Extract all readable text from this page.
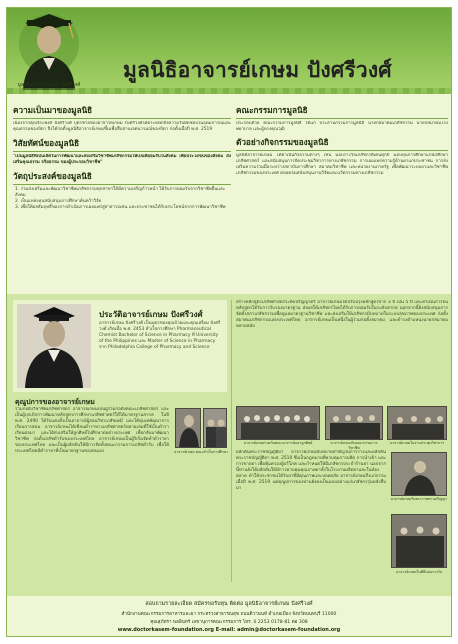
มูลนิธิอาจารย์เกษม ปังศรีวงศ์
มูลนิธิอาจารย์เกษม ปังศรีวงศ์
ความเป็นมาของมูลนิธิ
เนื่องจากคุณจิระพงศ์ ปังศรีวงศ์ บุตรชายของอาจารย์เกษม ปังศรีวงศ์ได้ตระหนักถึงความรับผิดชอบในอุดมการณ์และคุณธรรมของบิดา จึงได้ก่อตั้งมูลนิธิอาจารย์เกษมขึ้นเพื่อสืบสานเจตนารมณ์ของบิดา ก่อตั้งเมื่อปี พ.ศ. 2519
วิสัยทัศน์ของมูลนิธิ
"เป็นมูลนิธิที่เป็นเลิศในการพัฒนาและส่งเสริมวิชาชีพเภสัชกรรมให้เป็นที่ยอมรับในสังคม เพื่อประโยชน์ของสังคม ส่งเสริมคุณธรรม จริยธรรม ของผู้ประกอบวิชาชีพ"
วัตถุประสงค์ของมูลนิธิ
1. ร่วมส่งเสริมและพัฒนาวิชาชีพเภสัชกรรมทุกสาขาให้มีความเจริญก้าวหน้า ได้รับการยอมรับจากวิชาชีพอื่นและสังคม
2. เป็นแหล่งทุนสนับสนุนการศึกษาค้นคว้าวิจัย
3. เพื่อให้ผลสัมฤทธิ์ของการดำเนินการเผยแพร่สู่สาธารณชน และประชาชนได้รับประโยชน์จากการพัฒนาวิชาชีพ
คณะกรรมการมูลนิธิ
ประกอบด้วย คณะกรรมการมูลนิธิ ได้แก่ ประธานกรรมการมูลนิธิ นายกสมาคมเภสัชกรรม นายกสมาคมโรงพยาบาล และผู้ทรงคุณวุฒิ
ตัวอย่างกิจกรรมของมูลนิธิ
มูลนิธิอาจารย์เกษม ได้ดำเนินกิจกรรมต่างๆ เช่น มอบรางวัลเภสัชกรดีเด่นทุกปี มอบทุนการศึกษาแก่นักศึกษาเภสัชศาสตร์ และสนับสนุนการจัดประชุมวิชาการทางเภสัชกรรม การเผยแพร่ความรู้ด้านยาแก่ประชาชน การส่งเสริมความร่วมมือระหว่างสถาบันการศึกษา สมาคมวิชาชีพ และหน่วยงานภาครัฐ เพื่อพัฒนาระบบยาและวิชาชีพเภสัชกรรมของประเทศ ตลอดจนสนับสนุนงานวิจัยและนวัตกรรมทางเภสัชกรรม
ประวัติอาจารย์เกษม ปังศรีวงศ์
อาจารย์เกษม ปังศรีวงศ์ เป็นบุตรของคุณบ้วยและคุณเสงี่ยม ปังศรีวงศ์ เกิดเมื่อ พ.ศ. 2453 สำเร็จการศึกษา Pharmaceutical Chemist Bachelor of Science in Pharmacy ที่ University of the Philippines และ Master of Science in Pharmacy จาก Philadelphia College of Pharmacy and Science
คุณูปการของอาจารย์เกษม
ร่วมก่อตั้งวิชาชีพเภสัชศาสตร์ อาจารย์เกษมเป็นผู้ร่วมก่อตั้งคณะเภสัชศาสตร์ และเป็นผู้บุกเบิกการพัฒนาหลักสูตรการศึกษาเภสัชศาสตร์ให้ได้มาตรฐานสากล ในปี พ.ศ. 2490 ได้รับแต่งตั้งเป็นอาจารย์ผู้สอนวิชาเภสัชเคมี และได้ทุ่มเทพัฒนาการเรียนการสอน อาจารย์เกษมได้เขียนตำราทางเภสัชศาสตร์หลายเล่มที่ใช้เป็นตำราเรียนต่อมา และได้ส่งเสริมให้ลูกศิษย์ไปศึกษาต่อต่างประเทศ เพื่อกลับมาพัฒนาวิชาชีพ ก่อตั้งเภสัชตำรับของประเทศไทย อาจารย์เกษมเป็นผู้ริเริ่มจัดทำตำรายาของประเทศไทย และเป็นผู้ผลักดันให้มีการจัดตั้งคณะกรรมการเภสัชตำรับ เพื่อให้ประเทศไทยมีตำรายาที่เป็นมาตรฐานของตนเอง	อาจารย์เกษม ขณะสำเร็จการศึกษา
อาจารย์เกษมร่วมกับคณะอาจารย์และลูกศิษย์	อาจารย์เกษมกับคณะกรรมการวิชาชีพ
อาจารย์เกษมในงานประชุมวิชาการ
สร้างหลักสูตรเภสัชศาสตร์ระดับปริญญาตรี อาจารย์เกษมได้ปรับปรุงหลักสูตรจาก 3 ปี เป็น 5 ปี และดำเนินการจนหลักสูตรได้รับการรับรองมาตรฐาน ส่งผลให้เภสัชกรไทยได้รับการยอมรับในระดับสากล นอกจากนี้ยังสนับสนุนการจัดตั้งสภาเภสัชกรรมเพื่อดูแลมาตรฐานวิชาชีพ และส่งเสริมให้เภสัชกรมีบทบาทในระบบสุขภาพของประเทศ ก่อตั้งสมาคมเภสัชกรรมแห่งประเทศไทย อาจารย์เกษมเป็นหนึ่งในผู้ร่วมก่อตั้งสมาคม และดำรงตำแหน่งนายกสมาคมหลายสมัย
ผลักดันพระราชบัญญัติยา อาจารย์เกษมมีบทบาทสำคัญในการร่างและผลักดันพระราชบัญญัติยา พ.ศ. 2510 ซึ่งเป็นกฎหมายที่ควบคุมการผลิต การนำเข้า และการขายยา เพื่อคุ้มครองผู้บริโภค และกำหนดให้มีเภสัชกรประจำร้านยา นอกจากนี้ท่านยังได้ผลักดันให้มีการควบคุมคุณภาพยาทั้งในโรงงานผลิตยาและในท้องตลาด ทำให้ประชาชนได้รับยาที่มีคุณภาพและปลอดภัย อาจารย์เกษมถึงแก่กรรมเมื่อปี พ.ศ. 2519 แต่คุณูปการของท่านยังคงเป็นแบบอย่างแก่เภสัชกรรุ่นหลังสืบมา
อาจารย์เกษมรับพระราชทานปริญญา
อาจารย์เกษมในพิธีมอบรางวัล
สอบถามรายละเอียด สมัครขอรับทุน ติดต่อ มูลนิธิอาจารย์เกษม ปังศรีวงศ์
สำนักงานคณะกรรมการอาหารและยา กระทรวงสาธารณสุข ถนนติวานนท์ อำเภอเมือง จังหวัดนนทบุรี 11000
คุณสุภัทรา พลอินทร์ เลขานุการคณะกรรมการ โทร. 0 2253 0178-81 ต่อ 308
www.doctorkasem-foundation.org E-mail: admin@doctorkasem-foundation.org
